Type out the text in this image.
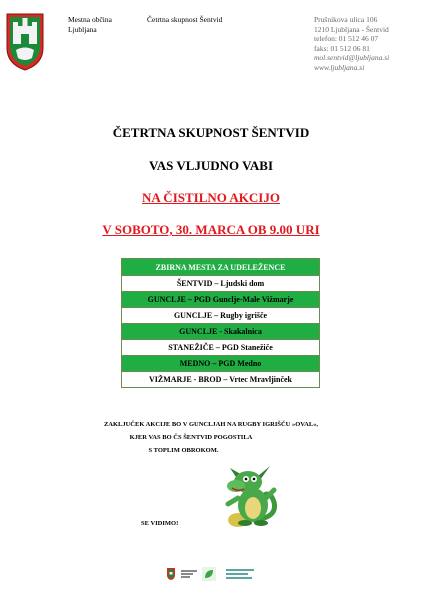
Mestna občina
Ljubljana
Četrtna skupnost Šentvid	Prušnikova ulica 106
1210 Ljubljana - Šentvid
telefon: 01 512 46 07
faks: 01 512 06 81
mol.sentvid@ljubljana.si
www.ljubljana.si
ČETRTNA SKUPNOST ŠENTVID
VAS VLJUDNO VABI
NA ČISTILNO AKCIJO
V SOBOTO, 30. MARCA OB 9.00 URI
ZBIRNA MESTA ZA UDELEŽENCE
ŠENTVID – Ljudski dom
GUNCLJE – PGD Gunclje-Male Vižmarje
GUNCLJE – Rugby igrišče
GUNCLJE - Skakalnica
STANEŽIČE – PGD Stanežiče
MEDNO – PGD Medno
VIŽMARJE - BROD – Vrtec Mravljinček
ZAKLJUČEK AKCIJE BO V GUNCLJAH NA RUGBY IGRIŠČU »OVAL«,
KJER VAS BO ČS ŠENTVID POGOSTILA
S TOPLIM OBROKOM.
SE VIDIMO!
